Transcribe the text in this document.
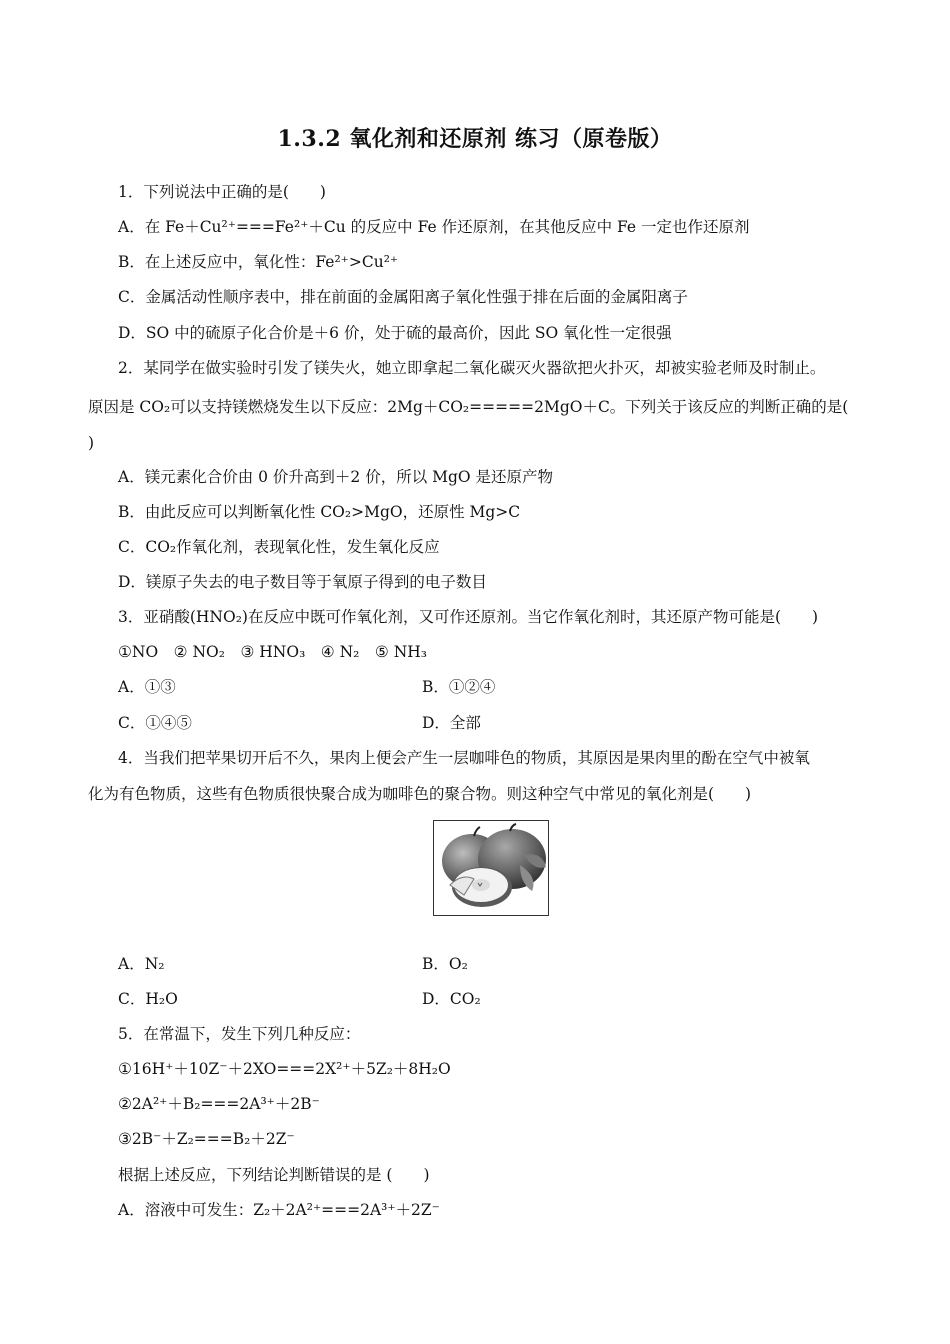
1.3.2 氧化剂和还原剂 练习（原卷版）
1．下列说法中正确的是(　　)
A．在 Fe＋Cu²⁺===Fe²⁺＋Cu 的反应中 Fe 作还原剂，在其他反应中 Fe 一定也作还原剂
B．在上述反应中，氧化性：Fe²⁺>Cu²⁺
C．金属活动性顺序表中，排在前面的金属阳离子氧化性强于排在后面的金属阳离子
D．SO 中的硫原子化合价是＋6 价，处于硫的最高价，因此 SO 氧化性一定很强
2．某同学在做实验时引发了镁失火，她立即拿起二氧化碳灭火器欲把火扑灭，却被实验老师及时制止。
原因是 CO₂可以支持镁燃烧发生以下反应：2Mg＋CO₂=====2MgO＋C。下列关于该反应的判断正确的是(
)
A．镁元素化合价由 0 价升高到＋2 价，所以 MgO 是还原产物
B．由此反应可以判断氧化性 CO₂>MgO，还原性 Mg>C
C．CO₂作氧化剂，表现氧化性，发生氧化反应
D．镁原子失去的电子数目等于氧原子得到的电子数目
3．亚硝酸(HNO₂)在反应中既可作氧化剂，又可作还原剂。当它作氧化剂时，其还原产物可能是(　　)
①NO　② NO₂　③ HNO₃　④ N₂　⑤ NH₃
A．①③	B．①②④
C．①④⑤	D．全部
4．当我们把苹果切开后不久，果肉上便会产生一层咖啡色的物质，其原因是果肉里的酚在空气中被氧
化为有色物质，这些有色物质很快聚合成为咖啡色的聚合物。则这种空气中常见的氧化剂是(　　)
A．N₂	B．O₂
C．H₂O	D．CO₂
5．在常温下，发生下列几种反应：
①16H⁺＋10Z⁻＋2XO===2X²⁺＋5Z₂＋8H₂O
②2A²⁺＋B₂===2A³⁺＋2B⁻
③2B⁻＋Z₂===B₂＋2Z⁻
根据上述反应，下列结论判断错误的是 (　　)
A．溶液中可发生：Z₂＋2A²⁺===2A³⁺＋2Z⁻
